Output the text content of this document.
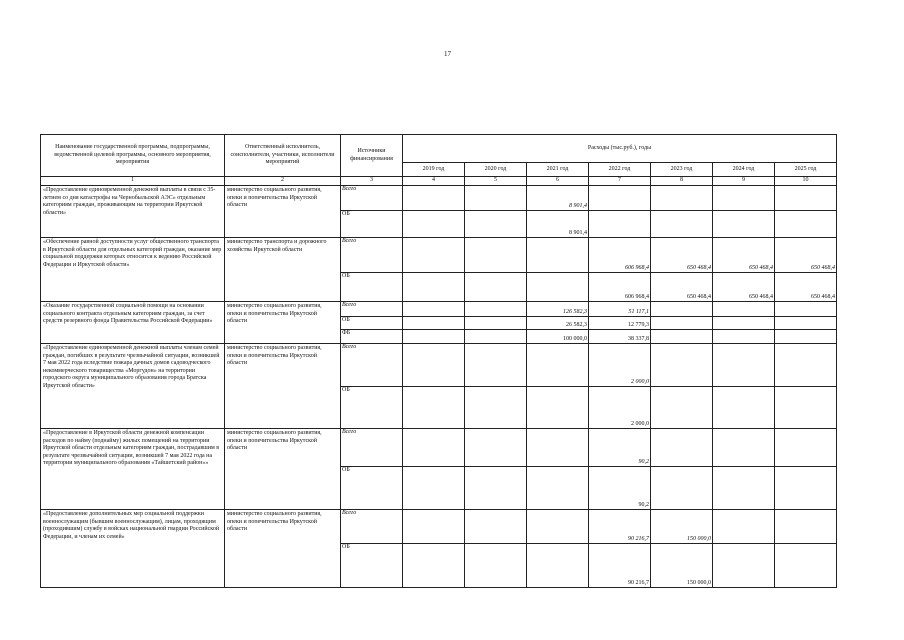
17
Наименование государственной программы, подпрограммы, ведомственной целевой программы, основного мероприятия, мероприятия	Ответственный исполнитель, соисполнители, участники, исполнители мероприятий	Источники финансирования	Расходы (тыс.руб.), годы						
			2019 год	2020 год	2021 год	2022 год	2023 год	2024 год	2025 год
1	2	3	4	5	6	7	8	9	10
«Предоставление единовременной денежной выплаты в связи с 35-летием со дня катастрофы на Чернобыльской АЭС» отдельным категориям граждан, проживающим на территории Иркутской области»	министерство социального развития, опеки и попечительства Иркутской области	Всего			8 901,4				
		ОБ			8 901,4				
«Обеспечение равной доступности услуг общественного транспорта в Иркутской области для отдельных категорий граждан, оказание мер социальной поддержки которых относится к ведению Российской Федерации и Иркутской области»	министерство транспорта и дорожного хозяйства Иркутской области	Всего				606 968,4	650 468,4	650 468,4	650 468,4
		ОБ				606 968,4	650 468,4	650 468,4	650 468,4
«Оказание государственной социальной помощи на основании социального контракта отдельным категориям граждан, за счет средств резервного фонда Правительства Российской Федерации»	министерство социального развития, опеки и попечительства Иркутской области	Всего			126 582,3	51 117,1			
		ОБ			26 582,3	12 779,3			
		ФБ			100 000,0	38 337,8			
«Предоставление единовременной денежной выплаты членам семей граждан, погибших в результате чрезвычайной ситуации, возникшей 7 мая 2022 года вследствие пожара дачных домов садоводческого некоммерческого товарищества «Моргудон» на территории городского округа муниципального образования города Братска Иркутской области»	министерство социального развития, опеки и попечительства Иркутской области	Всего				2 000,0			
		ОБ				2 000,0			
«Предоставление в Иркутской области денежной компенсации расходов по найму (поднайму) жилых помещений на территории Иркутской области отдельным категориям граждан, пострадавшим в результате чрезвычайной ситуации, возникшей 7 мая 2022 года на территории муниципального образования «Тайшетский район»»	министерство социального развития, опеки и попечительства Иркутской области	Всего				90,2			
		ОБ				90,2			
«Предоставление дополнительных мер социальной поддержки военнослужащим (бывшим военнослужащим), лицам, проходящим (проходившим) службу в войсках национальной гвардии Российской Федерации, и членам их семей»	министерство социального развития, опеки и попечительства Иркутской области	Всего				90 216,7	150 000,0		
		ОБ				90 216,7	150 000,0		
